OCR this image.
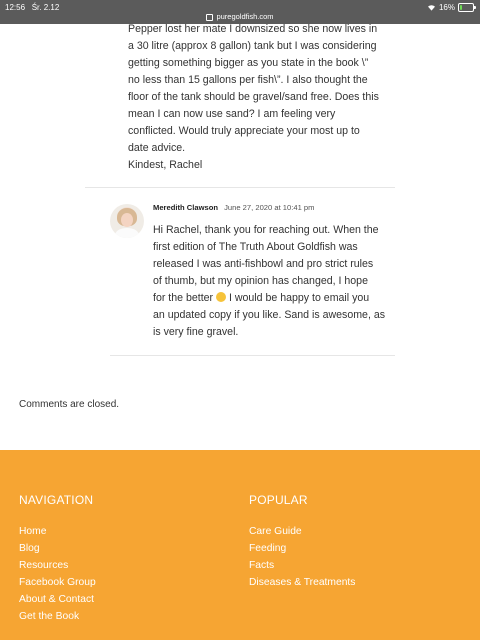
12:56 Śr. 2.12
puregoldfish.com
16%

Pepper lost her mate I downsized so she now lives in

a 30 litre (approx 8 gallon) tank but I was considering

getting something bigger as you state in the book \”

no less than 15 gallons per fish\”. I also thought the

floor of the tank should be gravel/sand free. Does this

mean I can now use sand? I am feeling very

conflicted. Would truly appreciate your most up to

date advice.

Kindest, Rachel

Meredith Clawson June 27, 2020 at 10:41 pm

Hi Rachel, thank you for reaching out. When the

first edition of The Truth About Goldfish was

released I was anti-fishbowl and pro strict rules

of thumb, but my opinion has changed, I hope

for the better I would be happy to email you

an updated copy if you like. Sand is awesome, as

is very fine gravel.

Comments are closed.
NAVIGATION
Home
Blog
Resources
Facebook Group
About & Contact
Get the Book
POPULAR
Care Guide
Feeding
Facts
Diseases & Treatments
